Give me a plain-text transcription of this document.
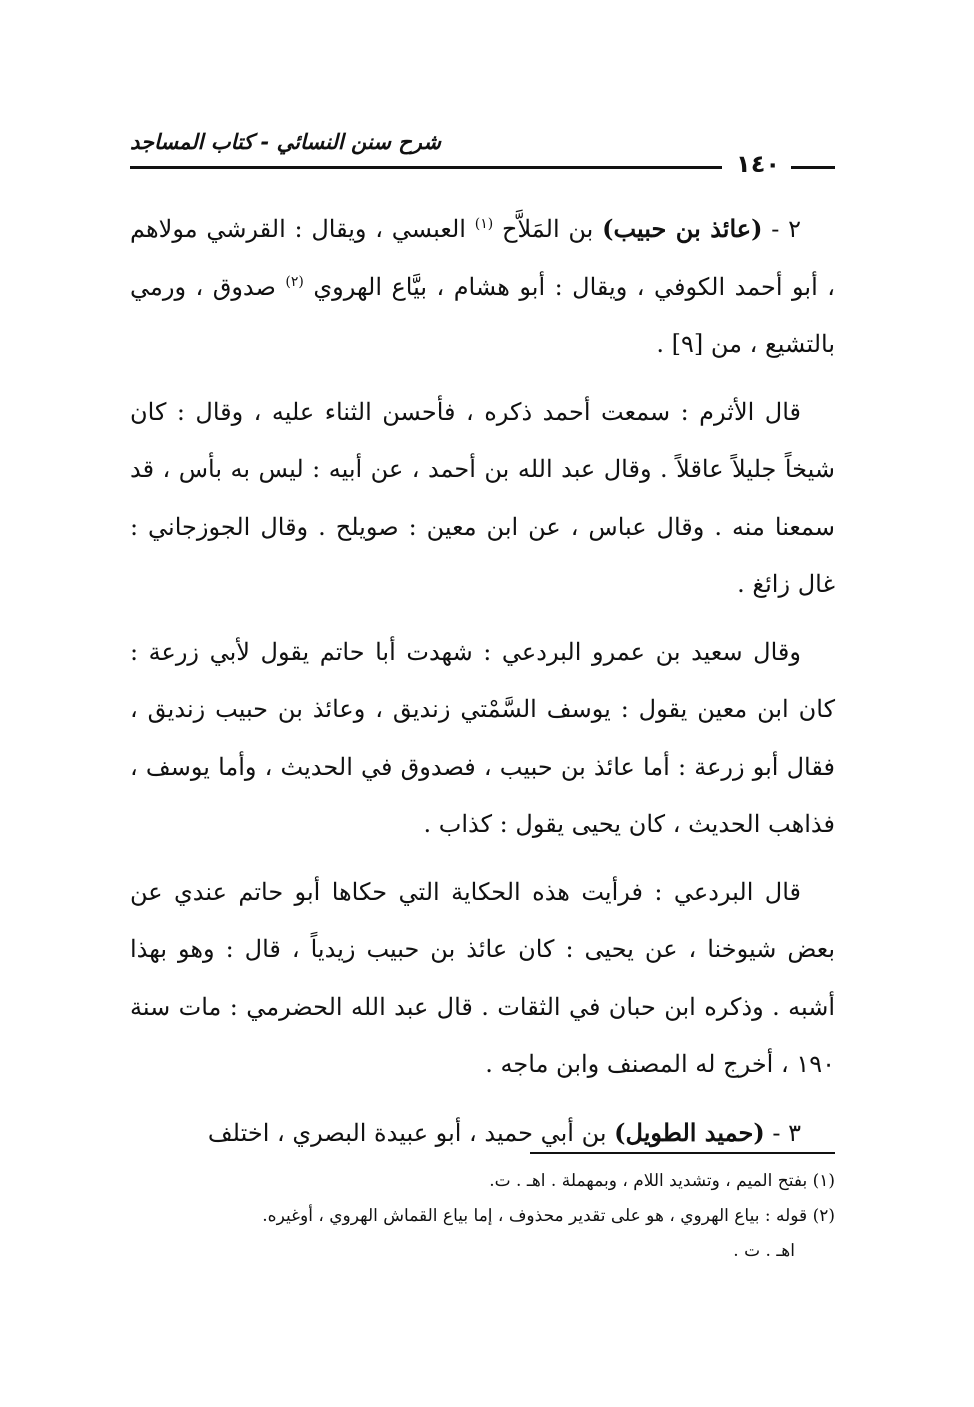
شرح سنن النسائي - كتاب المساجد
١٤٠

٢ - (عائذ بن حبيب) بن المَلاَّح $^{(١)}$ العبسي ، ويقال : القرشي مولاهم ، أبو أحمد الكوفي ، ويقال : أبو هشام ، بيَّاع الهروي $^{(٢)}$ صدوق ، ورمي بالتشيع ، من [٩] .

قال الأثرم : سمعت أحمد ذكره ، فأحسن الثناء عليه ، وقال : كان شيخاً جليلاً عاقلاً . وقال عبد الله بن أحمد ، عن أبيه : ليس به بأس ، قد سمعنا منه . وقال عباس ، عن ابن معين : صويلح . وقال الجوزجاني : غال زائغ .

وقال سعيد بن عمرو البردعي : شهدت أبا حاتم يقول لأبي زرعة : كان ابن معين يقول : يوسف السَّمْتي زنديق ، وعائذ بن حبيب زنديق ، فقال أبو زرعة : أما عائذ بن حبيب ، فصدوق في الحديث ، وأما يوسف ، فذاهب الحديث ، كان يحيى يقول : كذاب .

قال البردعي : فرأيت هذه الحكاية التي حكاها أبو حاتم عندي عن بعض شيوخنا ، عن يحيى : كان عائذ بن حبيب زيدياً ، قال : وهو بهذا أشبه . وذكره ابن حبان في الثقات . قال عبد الله الحضرمي : مات سنة ١٩٠ ، أخرج له المصنف وابن ماجه .

٣ - (حميد الطويل) بن أبي حميد ، أبو عبيدة البصري ، اختلف

(١) بفتح الميم ، وتشديد اللام ، وبمهملة . اهـ . ت.

(٢) قوله : بياع الهروي ، هو على تقدير محذوف ، إما بياع القماش الهروي ، أوغيره.

اهـ . ت .
